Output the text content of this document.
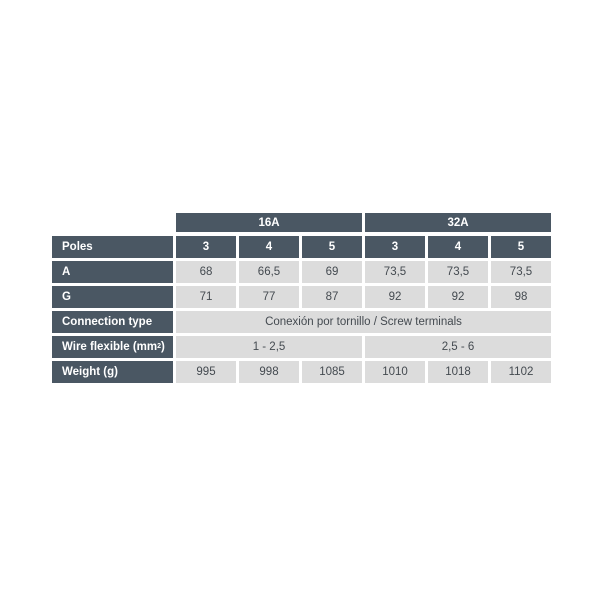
16A	32A
Poles	3	4	5	3	4	5
A	68	66,5	69	73,5	73,5	73,5
G	71	77	87	92	92	98
Connection type	Conexión por tornillo / Screw terminals
Wire flexible (mm 2 )	1 - 2,5	2,5 - 6
Weight (g)	995	998	1085	1010	1018	1102
